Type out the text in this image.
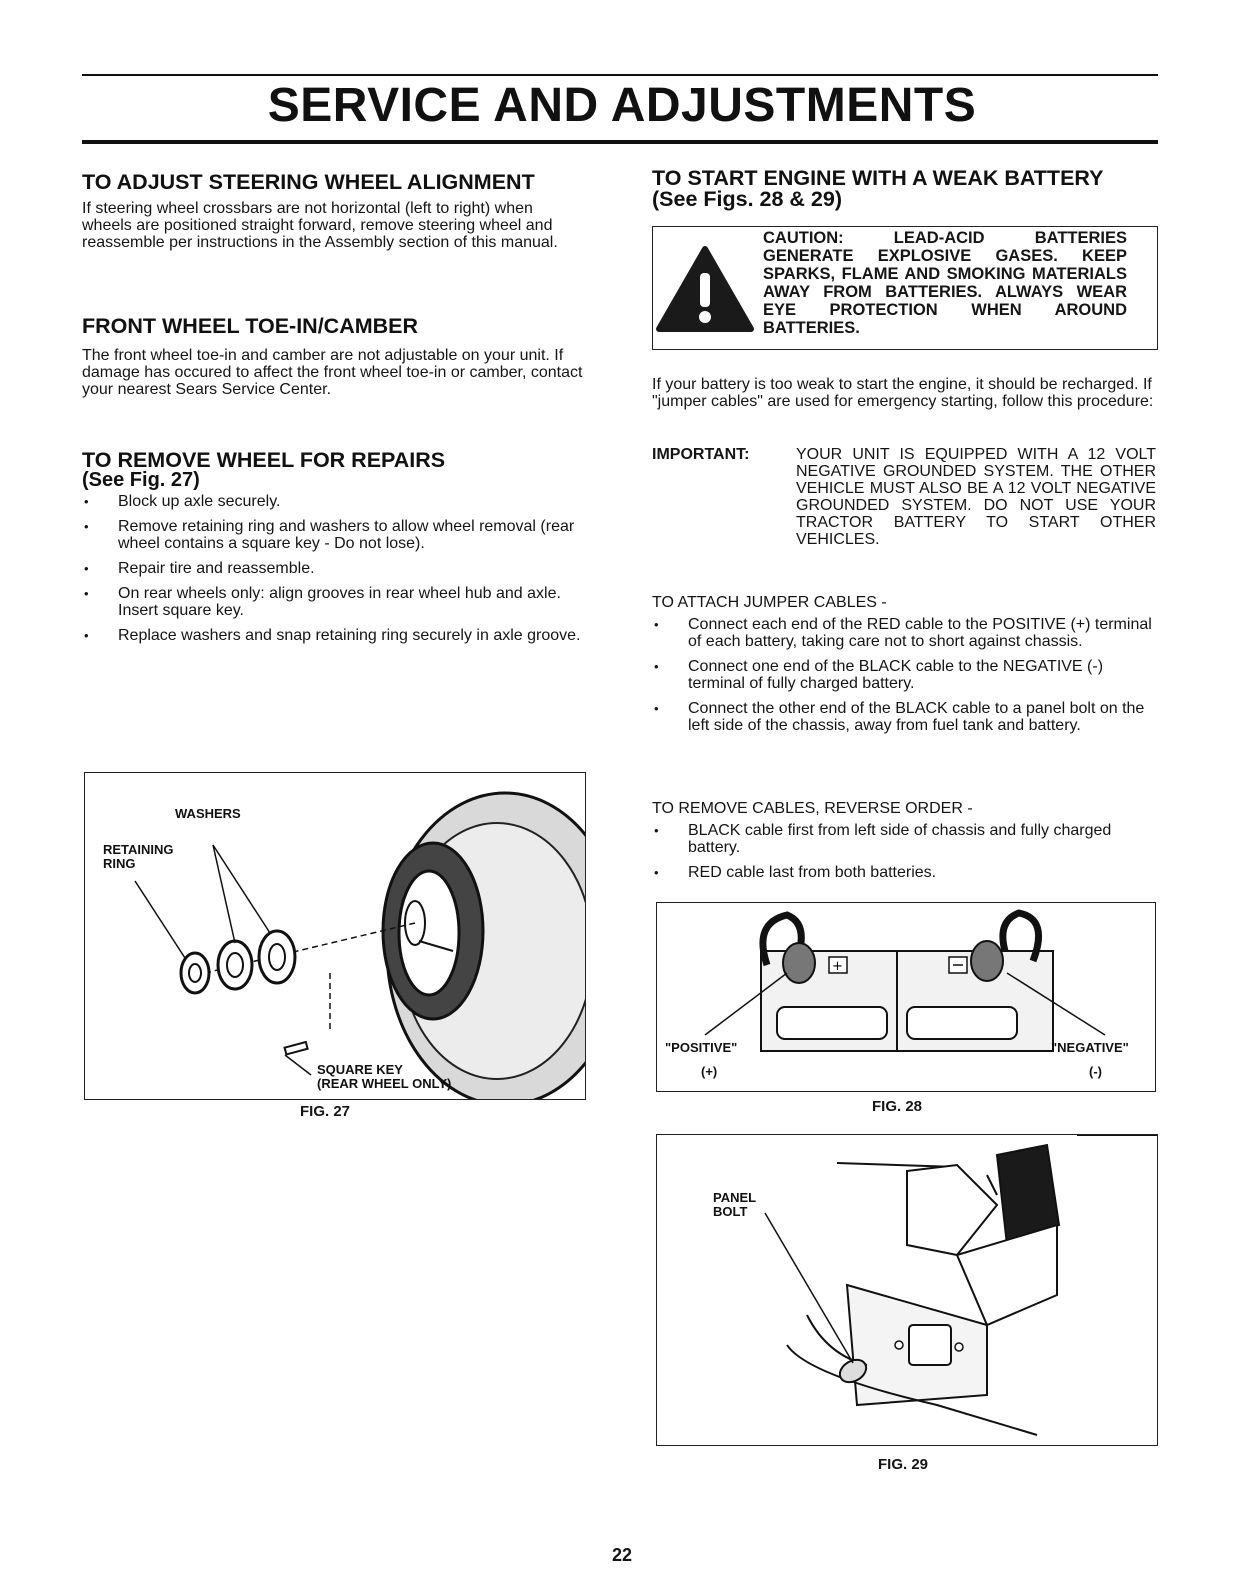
SERVICE AND ADJUSTMENTS
TO ADJUST STEERING WHEEL ALIGNMENT

If steering wheel crossbars are not horizontal (left to right) when wheels are positioned straight forward, remove steering wheel and reassemble per instructions in the Assembly section of this manual.

FRONT WHEEL TOE-IN/CAMBER

The front wheel toe-in and camber are not adjustable on your unit. If damage has occured to affect the front wheel toe-in or camber, contact your nearest Sears Service Center.

TO REMOVE WHEEL FOR REPAIRS
(See Fig. 27)
• Block up axle securely.
• Remove retaining ring and washers to allow wheel removal (rear wheel contains a square key - Do not lose).
• Repair tire and reassemble.
• On rear wheels only: align grooves in rear wheel hub and axle. Insert square key.
• Replace washers and snap retaining ring securely in axle groove.
WASHERS
RETAINING
RING
SQUARE KEY
(REAR WHEEL ONLY)
FIG. 27
TO START ENGINE WITH A WEAK BATTERY
(See Figs. 28 & 29)
CAUTION: LEAD-ACID BATTERIES GENERATE EXPLOSIVE GASES. KEEP SPARKS, FLAME AND SMOKING MATERIALS AWAY FROM BATTERIES. ALWAYS WEAR EYE PROTECTION WHEN AROUND BATTERIES.

If your battery is too weak to start the engine, it should be recharged. If "jumper cables" are used for emergency starting, follow this procedure:

IMPORTANT:	YOUR UNIT IS EQUIPPED WITH A 12 VOLT NEGATIVE GROUNDED SYSTEM. THE OTHER VEHICLE MUST ALSO BE A 12 VOLT NEGATIVE GROUNDED SYSTEM. DO NOT USE YOUR TRACTOR BATTERY TO START OTHER VEHICLES.

TO ATTACH JUMPER CABLES -

• Connect each end of the RED cable to the POSITIVE (+) terminal of each battery, taking care not to short against chassis.
• Connect one end of the BLACK cable to the NEGATIVE (-) terminal of fully charged battery.
• Connect the other end of the BLACK cable to a panel bolt on the left side of the chassis, away from fuel tank and battery.

TO REMOVE CABLES, REVERSE ORDER -

• BLACK cable first from left side of chassis and fully charged battery.
• RED cable last from both batteries.
+
"POSITIVE"
(+)
"NEGATIVE"
(-)
FIG. 28
PANEL
BOLT
FIG. 29
22
